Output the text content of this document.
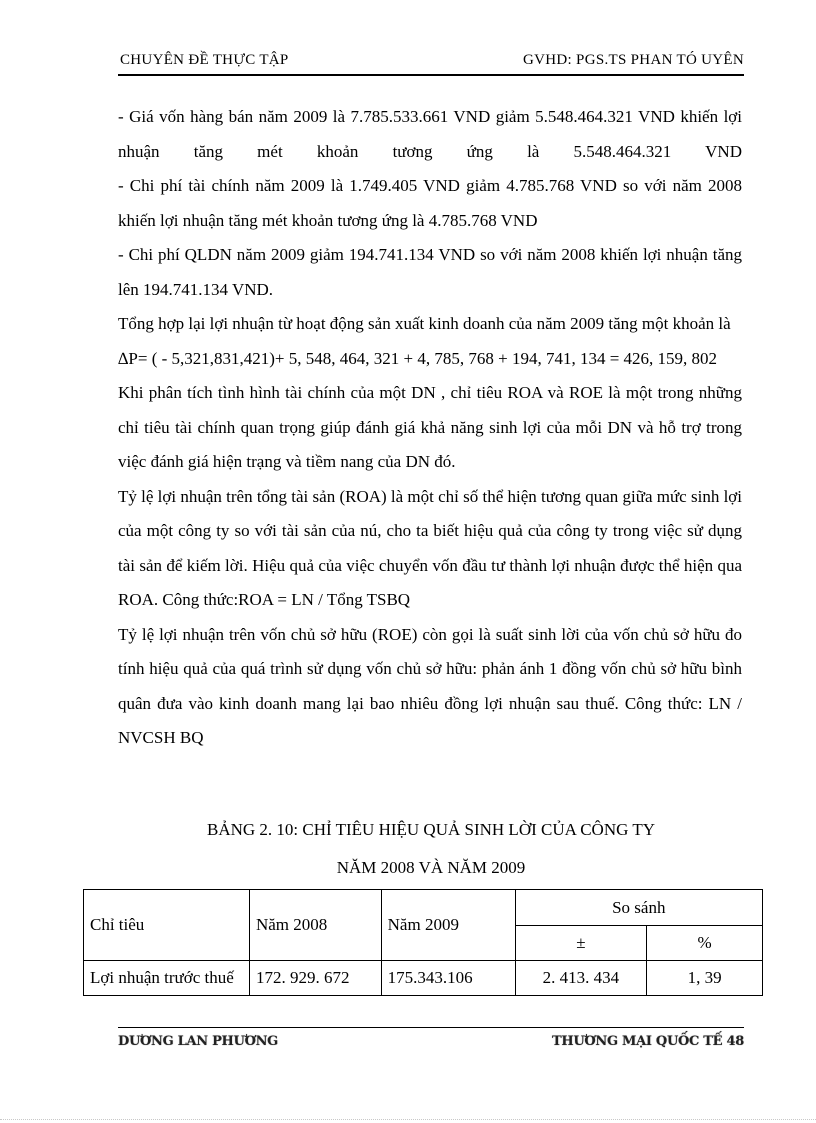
CHUYÊN ĐỀ THỰC TẬP	GVHD: PGS.TS PHAN TÓ UYÊN

- Giá vốn hàng bán năm 2009 là 7.785.533.661 VND giảm 5.548.464.321 VND khiến lợi nhuận tăng mét khoản tương ứng là 5.548.464.321 VND

- Chi phí tài chính năm 2009 là 1.749.405 VND giảm 4.785.768 VND so với năm 2008 khiến lợi nhuận tăng mét khoản tương ứng là 4.785.768 VND

- Chi phí QLDN năm 2009 giảm 194.741.134 VND so với năm 2008 khiến lợi nhuận tăng lên 194.741.134 VND.

Tổng hợp lại lợi nhuận từ hoạt động sản xuất kinh doanh của năm 2009 tăng một khoản là

∆P= ( - 5,321,831,421)+ 5, 548, 464, 321 + 4, 785, 768 + 194, 741, 134 = 426, 159, 802

Khi phân tích tình hình tài chính của một DN , chỉ tiêu ROA và ROE là một trong những chỉ tiêu tài chính quan trọng giúp đánh giá khả năng sinh lợi của mỗi DN và hỗ trợ trong việc đánh giá hiện trạng và tiềm nang của DN đó.

Tỷ lệ lợi nhuận trên tổng tài sản (ROA) là một chỉ số thể hiện tương quan giữa mức sinh lợi của một công ty so với tài sản của nú, cho ta biết hiệu quả của công ty trong việc sử dụng tài sản để kiếm lời. Hiệu quả của việc chuyển vốn đầu tư thành lợi nhuận được thể hiện qua ROA. Công thức:ROA = LN / Tổng TSBQ

Tỷ lệ lợi nhuận trên vốn chủ sở hữu (ROE) còn gọi là suất sinh lời của vốn chủ sở hữu đo tính hiệu quả của quá trình sử dụng vốn chủ sở hữu: phản ánh 1 đồng vốn chủ sở hữu bình quân đưa vào kinh doanh mang lại bao nhiêu đồng lợi nhuận sau thuế. Công thức: LN / NVCSH BQ

BẢNG 2. 10: CHỈ TIÊU HIỆU QUẢ SINH LỜI CỦA CÔNG TY
NĂM 2008 VÀ NĂM 2009
Chỉ tiêu	Năm 2008	Năm 2009	So sánh	
			±	%
Lợi nhuận trước thuế	172. 929. 672	175.343.106	2. 413. 434	1, 39
DƯƠNG LAN PHƯƠNG	THƯƠNG MẠI QUỐC TẾ 48
